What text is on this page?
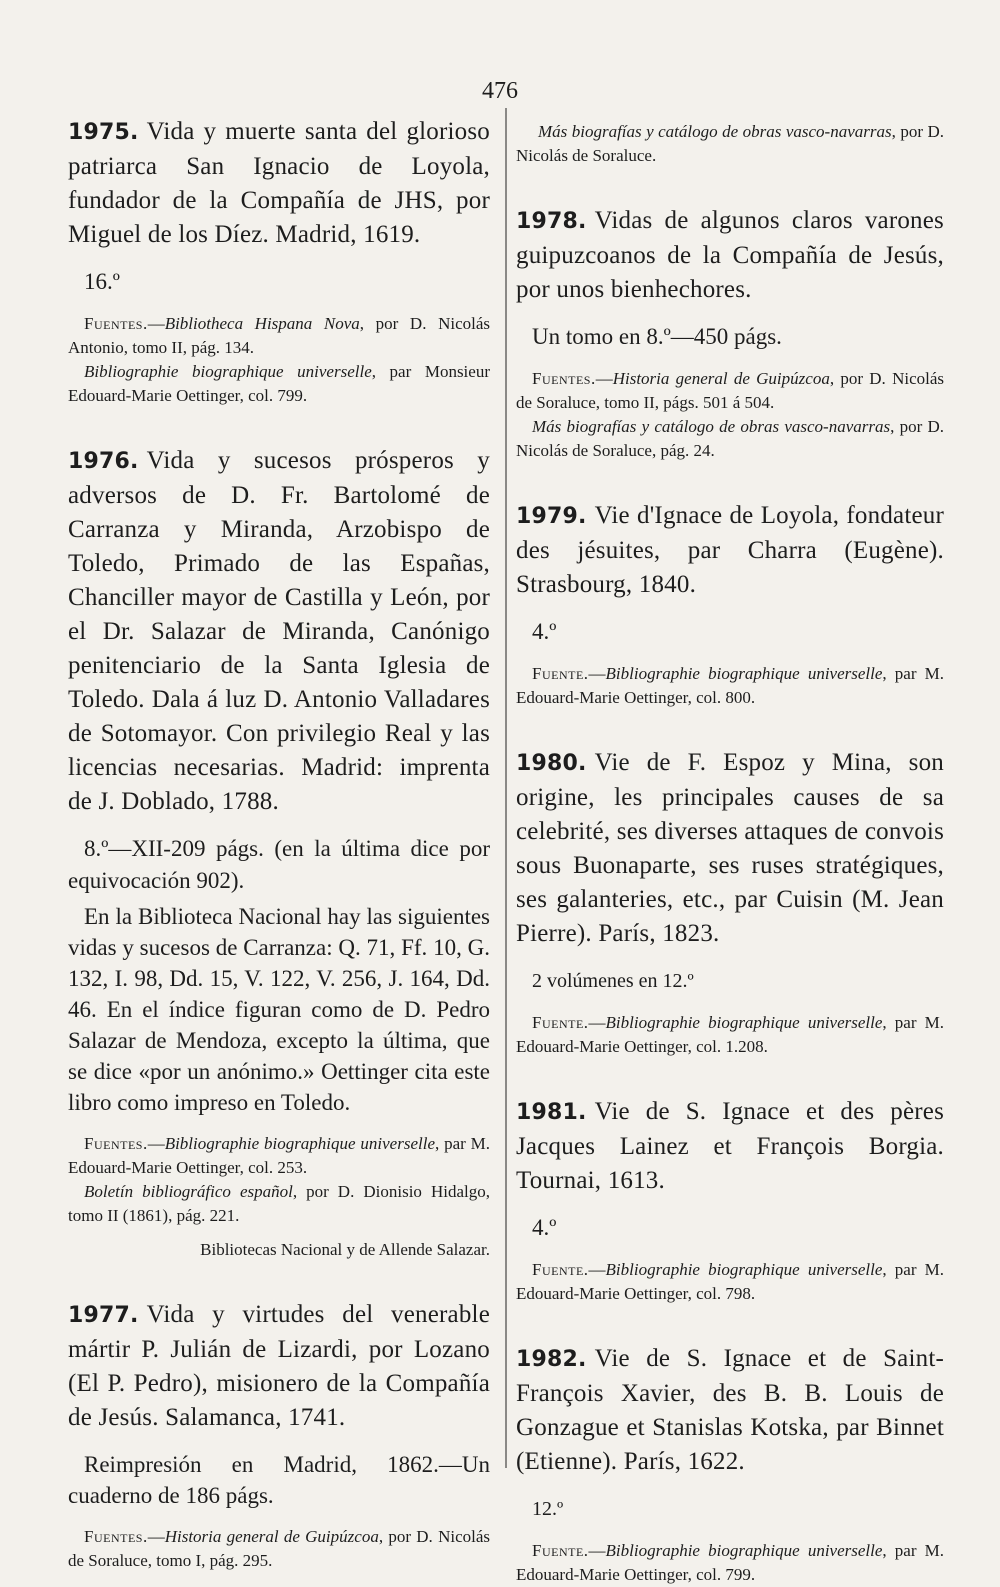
476
1975. Vida y muerte santa del glorioso patriarca San Ignacio de Loyola, fundador de la Compañía de JHS, por Miguel de los Díez. Madrid, 1619.
16.º
Fuentes.—Bibliotheca Hispana Nova, por D. Nicolás Antonio, tomo II, pág. 134.
Bibliographie biographique universelle, par Monsieur Edouard-Marie Oettinger, col. 799.
1976. Vida y sucesos prósperos y adversos de D. Fr. Bartolomé de Carranza y Miranda, Arzobispo de Toledo, Primado de las Españas, Chanciller mayor de Castilla y León, por el Dr. Salazar de Miranda, Canónigo penitenciario de la Santa Iglesia de Toledo. Dala á luz D. Antonio Valladares de Sotomayor. Con privilegio Real y las licencias necesarias. Madrid: imprenta de J. Doblado, 1788.
8.º—XII-209 págs. (en la última dice por equivocación 902).
En la Biblioteca Nacional hay las siguientes vidas y sucesos de Carranza: Q. 71, Ff. 10, G. 132, I. 98, Dd. 15, V. 122, V. 256, J. 164, Dd. 46. En el índice figuran como de D. Pedro Salazar de Mendoza, excepto la última, que se dice «por un anónimo.» Oettinger cita este libro como impreso en Toledo.
Fuentes.—Bibliographie biographique universelle, par M. Edouard-Marie Oettinger, col. 253.
Boletín bibliográfico español, por D. Dionisio Hidalgo, tomo II (1861), pág. 221.
Bibliotecas Nacional y de Allende Salazar.
1977. Vida y virtudes del venerable mártir P. Julián de Lizardi, por Lozano (El P. Pedro), misionero de la Compañía de Jesús. Salamanca, 1741.
Reimpresión en Madrid, 1862.—Un cuaderno de 186 págs.
Fuentes.—Historia general de Guipúzcoa, por D. Nicolás de Soraluce, tomo I, pág. 295.
Más biografías y catálogo de obras vasco-navarras, por D. Nicolás de Soraluce.
1978. Vidas de algunos claros varones guipuzcoanos de la Compañía de Jesús, por unos bienhechores.
Un tomo en 8.º—450 págs.
Fuentes.—Historia general de Guipúzcoa, por D. Nicolás de Soraluce, tomo II, págs. 501 á 504.
Más biografías y catálogo de obras vasco-navarras, por D. Nicolás de Soraluce, pág. 24.
1979. Vie d'Ignace de Loyola, fondateur des jésuites, par Charra (Eugène). Strasbourg, 1840.
4.º
Fuente.—Bibliographie biographique universelle, par M. Edouard-Marie Oettinger, col. 800.
1980. Vie de F. Espoz y Mina, son origine, les principales causes de sa celebrité, ses diverses attaques de convois sous Buonaparte, ses ruses stratégiques, ses galanteries, etc., par Cuisin (M. Jean Pierre). París, 1823.
2 volúmenes en 12.º
Fuente.—Bibliographie biographique universelle, par M. Edouard-Marie Oettinger, col. 1.208.
1981. Vie de S. Ignace et des pères Jacques Lainez et François Borgia. Tournai, 1613.
4.º
Fuente.—Bibliographie biographique universelle, par M. Edouard-Marie Oettinger, col. 798.
1982. Vie de S. Ignace et de Saint-François Xavier, des B. B. Louis de Gonzague et Stanislas Kotska, par Binnet (Etienne). París, 1622.
12.º
Fuente.—Bibliographie biographique universelle, par M. Edouard-Marie Oettinger, col. 799.
